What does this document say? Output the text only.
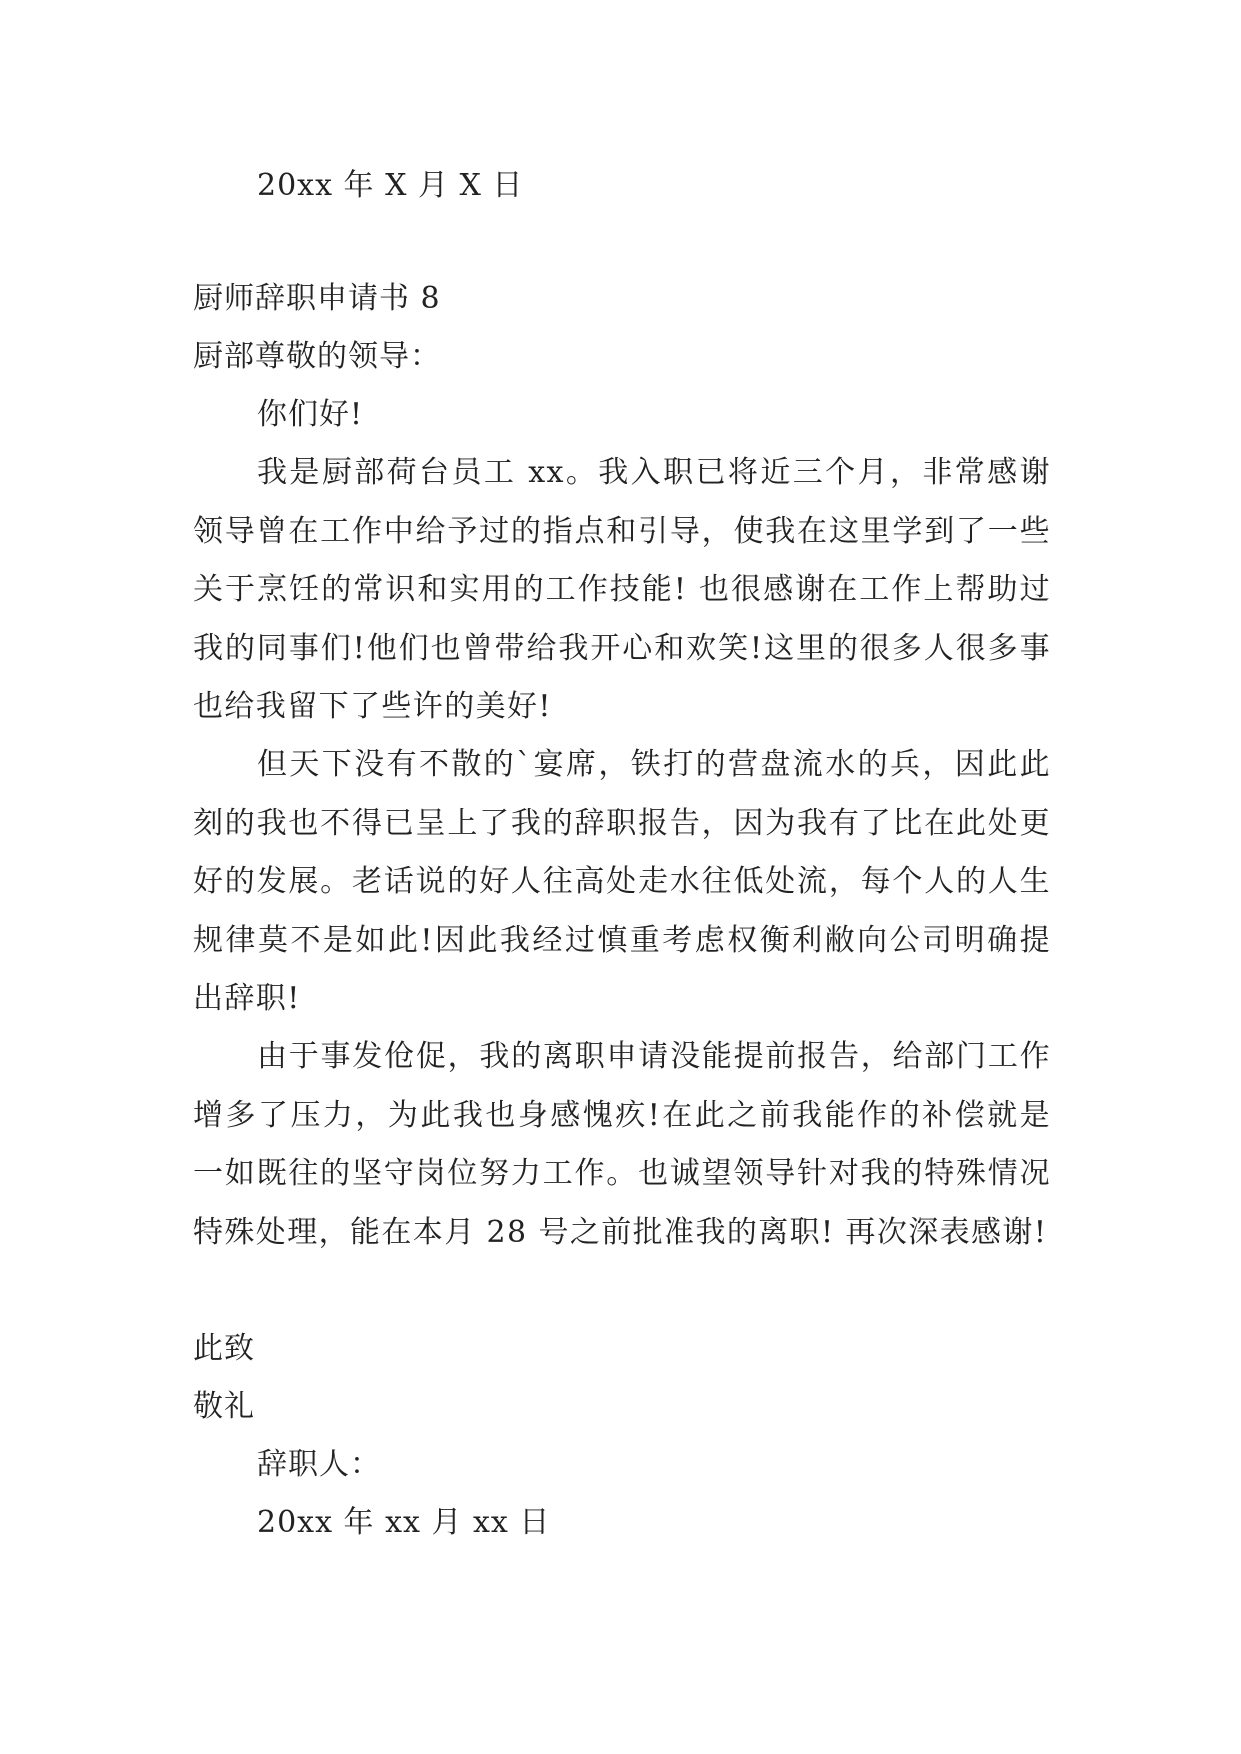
20xx 年 X 月 X 日
厨师辞职申请书 8
厨部尊敬的领导：
你们好!
我是厨部荷台员工 xx。我入职已将近三个月，非常感谢领导曾在工作中给予过的指点和引导，使我在这里学到了一些关于烹饪的常识和实用的工作技能! 也很感谢在工作上帮助过我的同事们!他们也曾带给我开心和欢笑!这里的很多人很多事也给我留下了些许的美好!
但天下没有不散的`宴席，铁打的营盘流水的兵，因此此刻的我也不得已呈上了我的辞职报告，因为我有了比在此处更好的发展。老话说的好人往高处走水往低处流，每个人的人生规律莫不是如此!因此我经过慎重考虑权衡利敝向公司明确提出辞职!
由于事发伧促，我的离职申请没能提前报告，给部门工作增多了压力，为此我也身感愧疚!在此之前我能作的补偿就是一如既往的坚守岗位努力工作。也诚望领导针对我的特殊情况特殊处理，能在本月 28 号之前批准我的离职! 再次深表感谢!
此致
敬礼
辞职人：
20xx 年 xx 月 xx 日
